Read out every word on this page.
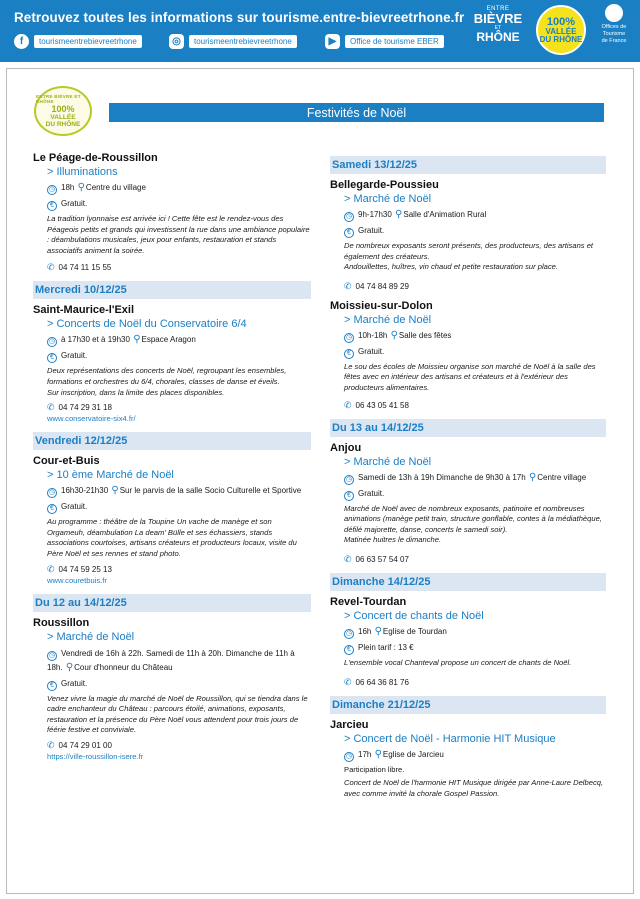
Retrouvez toutes les informations sur tourisme.entre-bievreetrhone.fr
f	tourismeentrebievreetrhone	◎	tourismeentrebievreetrhone	▶	Office de tourisme EBER
ENTRE
BIÈVRE
ET
RHÔNE
100%
VALLÉE
DU RHÔNE
Offices de
Tourisme
de France
ENTRE BIÈVRE ET RHÔNE
100%
VALLÉE
DU RHÔNE
Festivités de Noël
Le Péage-de-Roussillon
> Illuminations
◷ 18h ⚲Centre du village
€ Gratuit.
La tradition lyonnaise est arrivée ici ! Cette fête est le rendez-vous des Péageois petits et grands qui investissent la rue dans une ambiance populaire : déambulations musicales, jeux pour enfants, restauration et stands associatifs animent la soirée.
✆ 04 74 11 15 55
Mercredi 10/12/25
Saint-Maurice-l'Exil
> Concerts de Noël du Conservatoire 6/4
◷ à 17h30 et à 19h30 ⚲Espace Aragon
€ Gratuit.
Deux représentations des concerts de Noël, regroupant les ensembles, formations et orchestres du 6/4, chorales, classes de danse et éveils.
Sur inscription, dans la limite des places disponibles.
✆ 04 74 29 31 18
www.conservatoire-six4.fr/
Vendredi 12/12/25
Cour-et-Buis
> 10 ème Marché de Noël
◷ 16h30-21h30 ⚲Sur le parvis de la salle Socio Culturelle et Sportive
€ Gratuit.
Au programme : théâtre de la Toupine Un vache de manège et son Orgameuh, déambulation La deam' Bülle et ses échassiers, stands associations courtoises, artisans créateurs et producteurs locaux, visite du Père Noël et ses rennes et stand photo.
✆ 04 74 59 25 13
www.couretbuis.fr
Du 12 au 14/12/25
Roussillon
> Marché de Noël
◷ Vendredi de 16h à 22h. Samedi de 11h à 20h. Dimanche de 11h à 18h. ⚲Cour d'honneur du Château
€ Gratuit.
Venez vivre la magie du marché de Noël de Roussillon, qui se tiendra dans le cadre enchanteur du Château : parcours étoilé, animations, exposants, restauration et la présence du Père Noël vous attendent pour trois jours de féérie festive et conviviale.
✆ 04 74 29 01 00
https://ville-roussillon-isere.fr
Samedi 13/12/25
Bellegarde-Poussieu
> Marché de Noël
◷ 9h-17h30 ⚲Salle d'Animation Rural
€ Gratuit.
De nombreux exposants seront présents, des producteurs, des artisans et également des créateurs.
Andouillettes, huîtres, vin chaud et petite restauration sur place.
✆ 04 74 84 89 29
Moissieu-sur-Dolon
> Marché de Noël
◷ 10h-18h ⚲Salle des fêtes
€ Gratuit.
Le sou des écoles de Moissieu organise son marché de Noël à la salle des fêtes avec en intérieur des artisans et créateurs et à l'extérieur des producteurs alimentaires.
✆ 06 43 05 41 58
Du 13 au 14/12/25
Anjou
> Marché de Noël
◷ Samedi de 13h à 19h Dimanche de 9h30 à 17h ⚲Centre village
€ Gratuit.
Marché de Noël avec de nombreux exposants, patinoire et nombreuses animations (manège petit train, structure gonflable, contes à la médiathèque, défilé majorette, danse, concerts le samedi soir).
Matinée huitres le dimanche.
✆ 06 63 57 54 07
Dimanche 14/12/25
Revel-Tourdan
> Concert de chants de Noël
◷ 16h ⚲Eglise de Tourdan
€ Plein tarif : 13 €
L'ensemble vocal Chanteval propose un concert de chants de Noël.
✆ 06 64 36 81 76
Dimanche 21/12/25
Jarcieu
> Concert de Noël - Harmonie HIT Musique
◷ 17h ⚲Eglise de Jarcieu
Participation libre.
Concert de Noël de l'harmonie HIT Musique dirigée par Anne-Laure Delbecq, avec comme invité la chorale Gospel Passion.
